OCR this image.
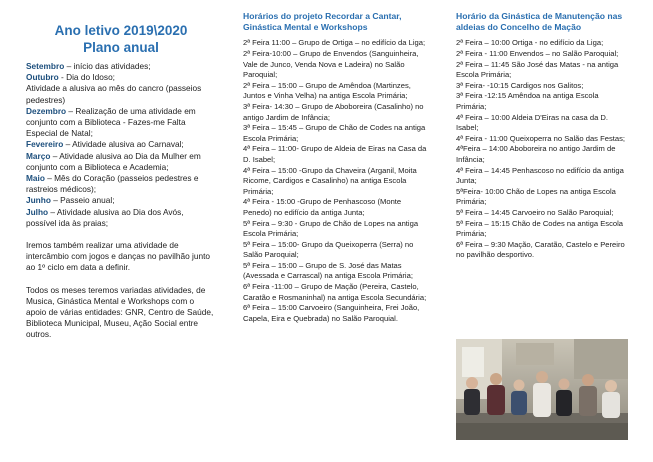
Ano letivo 2019\2020
Plano anual
Setembro – início das atividades;
Outubro - Dia do Idoso;
Atividade a alusiva ao mês do cancro (passeios pedestres)
Dezembro – Realização de uma atividade em conjunto com a Biblioteca - Fazes-me Falta Especial de Natal;
Fevereiro – Atividade alusiva ao Carnaval;
Março – Atividade alusiva ao Dia da Mulher em conjunto com a Biblioteca e Academia;
Maio – Mês do Coração (passeios pedestres e rastreios médicos);
Junho – Passeio anual;
Julho – Atividade alusiva ao Dia dos Avós, possível ida às praias;
Iremos também realizar uma atividade de intercâmbio com jogos e danças no pavilhão junto ao 1º ciclo em data a definir.
Todos os meses teremos variadas atividades, de Musica, Ginástica Mental e Workshops com o apoio de várias entidades: GNR, Centro de Saúde, Biblioteca Municipal, Museu, Ação Social entre outros.
Horários do projeto Recordar a Cantar, Ginástica Mental e Workshops
2ª Feira 11:00 – Grupo de Ortiga – no edifício da Liga;
2ª Feira-10:00 – Grupo de Envendos (Sanguinheira, Vale de Junco, Venda Nova e Ladeira) no Salão Paroquial;
2ª Feira – 15:00 – Grupo de Amêndoa (Martinzes, Juntos e Vinha Velha) na antiga Escola Primária;
3ª Feira- 14:30 – Grupo de Aboboreira (Casalinho) no antigo Jardim de Infância;
3ª Feira – 15:45 – Grupo de Chão de Codes na antiga Escola Primária;
4ª Feira – 11:00- Grupo de Aldeia de Eiras na Casa da D. Isabel;
4ª Feira – 15:00 -Grupo da Chaveira (Arganil, Moita Ricome, Cardigos e Casalinho) na antiga Escola Primária;
4ª Feira - 15:00 -Grupo de Penhascoso (Monte Penedo) no edifício da antiga Junta;
5ª Feira – 9:30 - Grupo de Chão de Lopes na antiga Escola Primária;
5ª Feira – 15:00- Grupo da Queixoperra (Serra) no Salão Paroquial;
5ª Feira – 15:00 – Grupo de S. José das Matas (Avessada e Carrascal) na antiga Escola Primária;
6ª Feira -11:00 – Grupo de Mação (Pereira, Castelo, Caratão e Rosmaninhal) na antiga Escola Secundária;
6ª Feira – 15:00 Carvoeiro (Sanguinheira, Frei João, Capela, Eira e Quebrada) no Salão Paroquial.
Horário da Ginástica de Manutenção nas aldeias do Concelho de Mação
2ª Feira – 10:00 Ortiga - no edifício da Liga;
2ª Feira - 11:00 Envendos – no Salão Paroquial;
2ª Feira – 11:45 São José das Matas - na antiga Escola Primária;
3ª Feira- -10:15 Cardigos nos Galitos;
3ª Feira -12:15 Amêndoa na antiga Escola Primária;
4ª Feira – 10:00 Aldeia D'Eiras na casa da D. Isabel;
4ª Feira - 11:00 Queixoperra no Salão das Festas;
4ªFeira – 14:00 Aboboreira no antigo Jardim de Infância;
4ª Feira – 14:45 Penhascoso no edifício da antiga Junta;
5ªFeira- 10:00 Chão de Lopes na antiga Escola Primária;
5ª Feira – 14:45 Carvoeiro no Salão Paroquial;
5ª Feira – 15:15 Chão de Codes na antiga Escola Primária;
6ª Feira – 9:30 Mação, Caratão, Castelo e Pereiro no pavilhão desportivo.
